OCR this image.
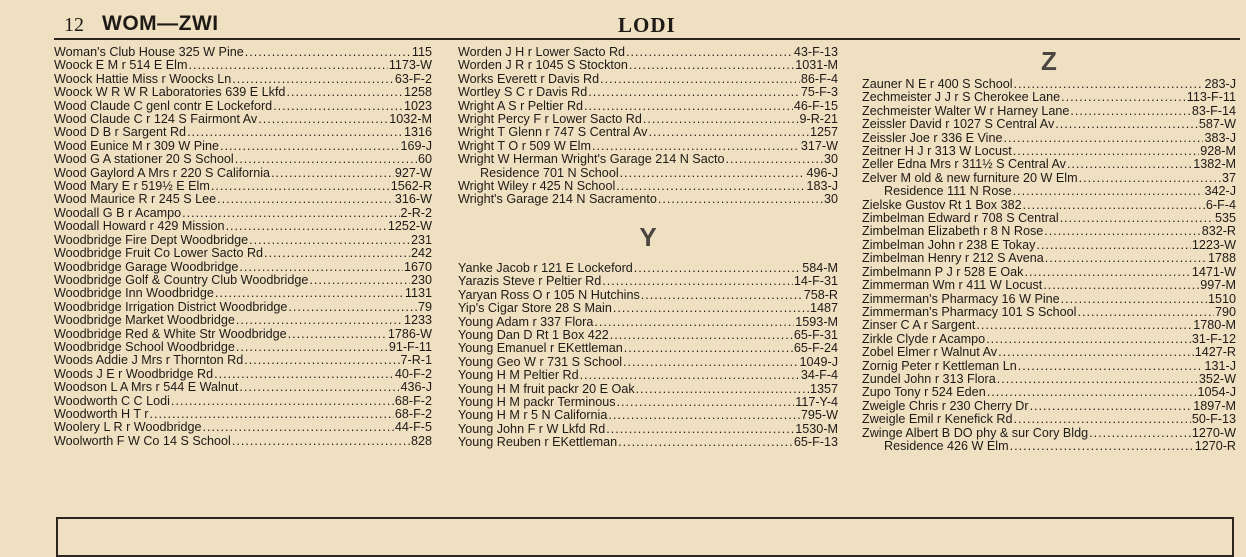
12 WOM—ZWI	LODI
Woman's Club House 325 W Pine .....	115
Woock E M r 514 E Elm .....	1173-W
Woock Hattie Miss r Woocks Ln .....	63-F-2
Woock W R W R Laboratories 639 E Lkfd .....	1258
Wood Claude C genl contr E Lockeford .....	1023
Wood Claude C r 124 S Fairmont Av .....	1032-M
Wood D B r Sargent Rd .....	1316
Wood Eunice M r 309 W Pine .....	169-J
Wood G A stationer 20 S School .....	60
Wood Gaylord A Mrs r 220 S California .....	927-W
Wood Mary E r 519½ E Elm .....	1562-R
Wood Maurice R r 245 S Lee .....	316-W
Woodall G B r Acampo .....	2-R-2
Woodall Howard r 429 Mission .....	1252-W
Woodbridge Fire Dept Woodbridge .....	231
Woodbridge Fruit Co Lower Sacto Rd .....	242
Woodbridge Garage Woodbridge .....	1670
Woodbridge Golf & Country Club Woodbridge .....	230
Woodbridge Inn Woodbridge .....	1131
Woodbridge Irrigation District Woodbridge .....	79
Woodbridge Market Woodbridge .....	1233
Woodbridge Red & White Str Woodbridge .....	1786-W
Woodbridge School Woodbridge .....	91-F-11
Woods Addie J Mrs r Thornton Rd .....	7-R-1
Woods J E r Woodbridge Rd .....	40-F-2
Woodson L A Mrs r 544 E Walnut .....	436-J
Woodworth C C Lodi .....	68-F-2
Woodworth H T r .....	68-F-2
Woolery L R r Woodbridge .....	44-F-5
Woolworth F W Co 14 S School .....	828
Worden J H r Lower Sacto Rd .....	43-F-13
Worden J R r 1045 S Stockton .....	1031-M
Works Everett r Davis Rd .....	86-F-4
Wortley S C r Davis Rd .....	75-F-3
Wright A S r Peltier Rd .....	46-F-15
Wright Percy F r Lower Sacto Rd .....	9-R-21
Wright T Glenn r 747 S Central Av .....	1257
Wright T O r 509 W Elm .....	317-W
Wright W Herman Wright's Garage 214 N Sacto .....	30
Residence 701 N School .....	496-J
Wright Wiley r 425 N School .....	183-J
Wright's Garage 214 N Sacramento .....	30
Y
Yanke Jacob r 121 E Lockeford .....	584-M
Yarazis Steve r Peltier Rd .....	14-F-31
Yaryan Ross O r 105 N Hutchins .....	758-R
Yip's Cigar Store 28 S Main .....	1487
Young Adam r 337 Flora .....	1593-M
Young Dan D Rt 1 Box 422 .....	65-F-31
Young Emanuel r EKettleman .....	65-F-24
Young Geo W r 731 S School .....	1049-J
Young H M Peltier Rd .....	34-F-4
Young H M fruit packr 20 E Oak .....	1357
Young H M packr Terminous .....	117-Y-4
Young H M r 5 N California .....	795-W
Young John F r W Lkfd Rd .....	1530-M
Young Reuben r EKettleman .....	65-F-13
Z
Zauner N E r 400 S School .....	283-J
Zechmeister J J r S Cherokee Lane .....	113-F-11
Zechmeister Walter W r Harney Lane .....	83-F-14
Zeissler David r 1027 S Central Av .....	587-W
Zeissler Joe r 336 E Vine .....	383-J
Zeitner H J r 313 W Locust .....	928-M
Zeller Edna Mrs r 311½ S Central Av .....	1382-M
Zelver M old & new furniture 20 W Elm .....	37
Residence 111 N Rose .....	342-J
Zielske Gustov Rt 1 Box 382 .....	6-F-4
Zimbelman Edward r 708 S Central .....	535
Zimbelman Elizabeth r 8 N Rose .....	832-R
Zimbelman John r 238 E Tokay .....	1223-W
Zimbelman Henry r 212 S Avena .....	1788
Zimbelmann P J r 528 E Oak .....	1471-W
Zimmerman Wm r 411 W Locust .....	997-M
Zimmerman's Pharmacy 16 W Pine .....	1510
Zimmerman's Pharmacy 101 S School .....	790
Zinser C A r Sargent .....	1780-M
Zirkle Clyde r Acampo .....	31-F-12
Zobel Elmer r Walnut Av .....	1427-R
Zornig Peter r Kettleman Ln .....	131-J
Zundel John r 313 Flora .....	352-W
Zupo Tony r 524 Eden .....	1054-J
Zweigle Chris r 230 Cherry Dr .....	1897-M
Zweigle Emil r Kenefick Rd .....	50-F-13
Zwinge Albert B DO phy & sur Cory Bldg .....	1270-W
Residence 426 W Elm .....	1270-R
